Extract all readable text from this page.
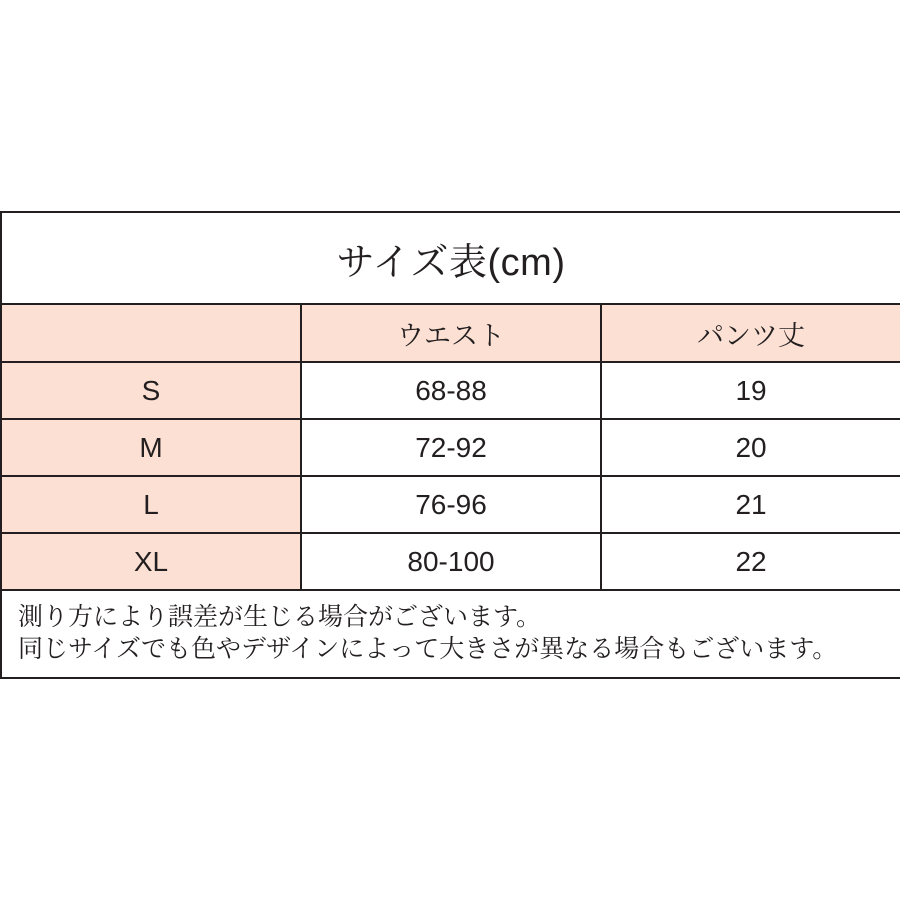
サイズ表(cm)		
	ウエスト	パンツ丈
S	68-88	19
M	72-92	20
L	76-96	21
XL	80-100	22

測り方により誤差が生じる場合がございます。
同じサイズでも色やデザインによって大きさが異なる場合もございます。		
